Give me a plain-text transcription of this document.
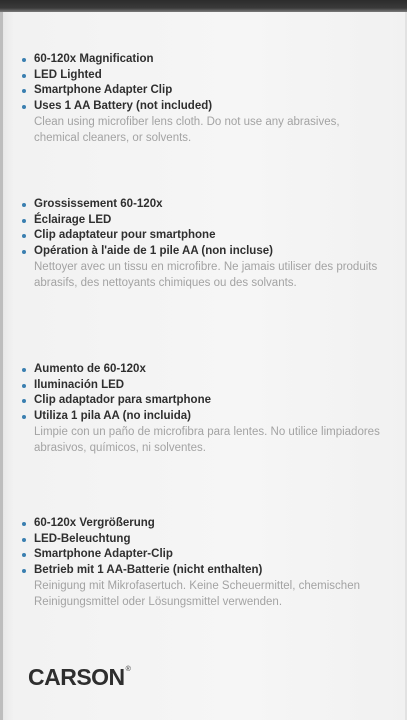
60-120x Magnification
LED Lighted
Smartphone Adapter Clip
Uses 1 AA Battery (not included)
Clean using microfiber lens cloth. Do not use any abrasives, chemical cleaners, or solvents.
Grossissement 60-120x
Éclairage LED
Clip adaptateur pour smartphone
Opération à l'aide de 1 pile AA (non incluse)
Nettoyer avec un tissu en microfibre. Ne jamais utiliser des produits abrasifs, des nettoyants chimiques ou des solvants.
Aumento de 60-120x
Iluminación LED
Clip adaptador para smartphone
Utiliza 1 pila AA (no incluida)
Limpie con un paño de microfibra para lentes. No utilice limpiadores abrasivos, químicos, ni solventes.
60-120x Vergrößerung
LED-Beleuchtung
Smartphone Adapter-Clip
Betrieb mit 1 AA-Batterie (nicht enthalten)
Reinigung mit Mikrofasertuch. Keine Scheuermittel, chemischen Reinigungsmittel oder Lösungsmittel verwenden.
CARSON®
